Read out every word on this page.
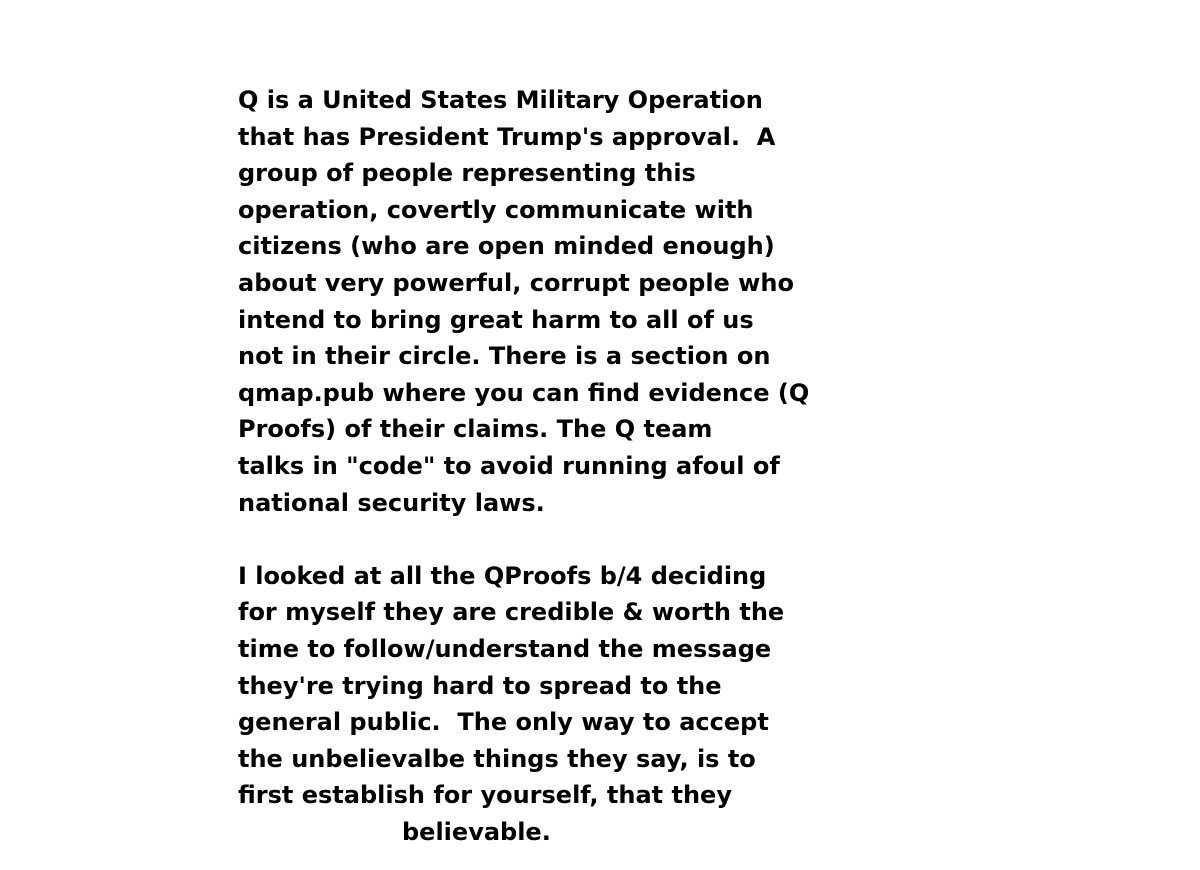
Q is a United States Military Operation
that has President Trump's approval.  A
group of people representing this
operation, covertly communicate with
citizens (who are open minded enough)
about very powerful, corrupt people who
intend to bring great harm to all of us
not in their circle. There is a section on
qmap.pub where you can find evidence (Q
Proofs) of their claims. The Q team
talks in "code" to avoid running afoul of
national security laws.
I looked at all the QProofs b/4 deciding
for myself they are credible & worth the
time to follow/understand the message
they're trying hard to spread to the
general public.  The only way to accept
the unbelievalbe things they say, is to
first establish for yourself, that they
believable.
